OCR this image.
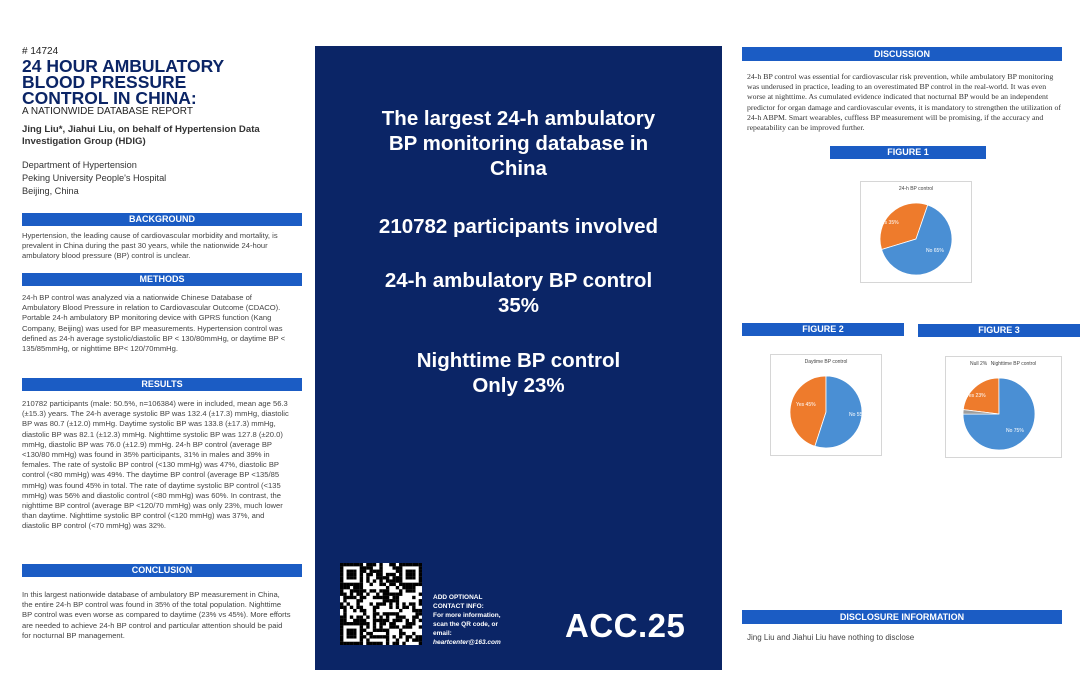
# 14724
24 HOUR AMBULATORY
BLOOD PRESSURE
CONTROL IN CHINA:
A NATIONWIDE DATABASE REPORT
Jing Liu*, Jiahui Liu, on behalf of Hypertension Data Investigation Group (HDIG)
Department of Hypertension
Peking University People's Hospital
Beijing, China
BACKGROUND
Hypertension, the leading cause of cardiovascular morbidity and mortality, is prevalent in China during the past 30 years, while the nationwide 24-hour ambulatory blood pressure (BP) control is unclear.
METHODS
24-h BP control was analyzed via a nationwide Chinese Database of Ambulatory Blood Pressure in relation to Cardiovascular Outcome (CDACO). Portable 24-h ambulatory BP monitoring device with GPRS function (Kang Company, Beijing) was used for BP measurements. Hypertension control was defined as 24-h average systolic/diastolic BP < 130/80mmHg, or daytime BP < 135/85mmHg, or nighttime BP< 120/70mmHg.
RESULTS
210782 participants (male: 50.5%, n=106384) were in included, mean age 56.3 (±15.3) years. The 24-h average systolic BP was 132.4 (±17.3) mmHg, diastolic BP was 80.7 (±12.0) mmHg. Daytime systolic BP was 133.8 (±17.3) mmHg, diastolic BP was 82.1 (±12.3) mmHg. Nighttime systolic BP was 127.8 (±20.0) mmHg, diastolic BP was 76.0 (±12.9) mmHg. 24-h BP control (average BP <130/80 mmHg) was found in 35% participants, 31% in males and 39% in females. The rate of systolic BP control (<130 mmHg) was 47%, diastolic BP control (<80 mmHg) was 49%. The daytime BP control (average BP <135/85 mmHg) was found 45% in total. The rate of daytime systolic BP control (<135 mmHg) was 56% and diastolic control (<80 mmHg) was 60%. In contrast, the nighttime BP control (average BP <120/70 mmHg) was only 23%, much lower than daytime. Nighttime systolic BP control (<120 mmHg) was 37%, and diastolic BP control (<70 mmHg) was 32%.
CONCLUSION
In this largest nationwide database of ambulatory BP measurement in China, the entire 24-h BP control was found in 35% of the total population. Nighttime BP control was even worse as compared to daytime (23% vs 45%). More efforts are needed to achieve 24-h BP control and particular attention should be paid for nocturnal BP management.
The largest 24-h ambulatory
BP monitoring database in
China
210782 participants involved
24-h ambulatory BP control
35%
Nighttime BP control
Only 23%
ADD OPTIONAL
CONTACT INFO:
For more information,
scan the QR code, or
email:
heartcenter@163.com ACC.25
DISCUSSION
24-h BP control was essential for cardiovascular risk prevention, while ambulatory BP monitoring was underused in practice, leading to an overestimated BP control in the real-world. It was even worse at nighttime. As cumulated evidence indicated that nocturnal BP would be an independent predictor for organ damage and cardiovascular events, it is mandatory to strengthen the utilization of 24-h ABPM. Smart wearables, cuffless BP measurement will be promising, if the accuracy and repeatability can be improved further.
FIGURE 1
24-h BP control
Yes 35%
No 65%
FIGURE 2	FIGURE 3
Daytime BP control
Yes 45%
No 55%
Nighttime BP control
Yes 23%
No 75%
Null 2%
DISCLOSURE INFORMATION
Jing Liu and Jiahui Liu have nothing to disclose
